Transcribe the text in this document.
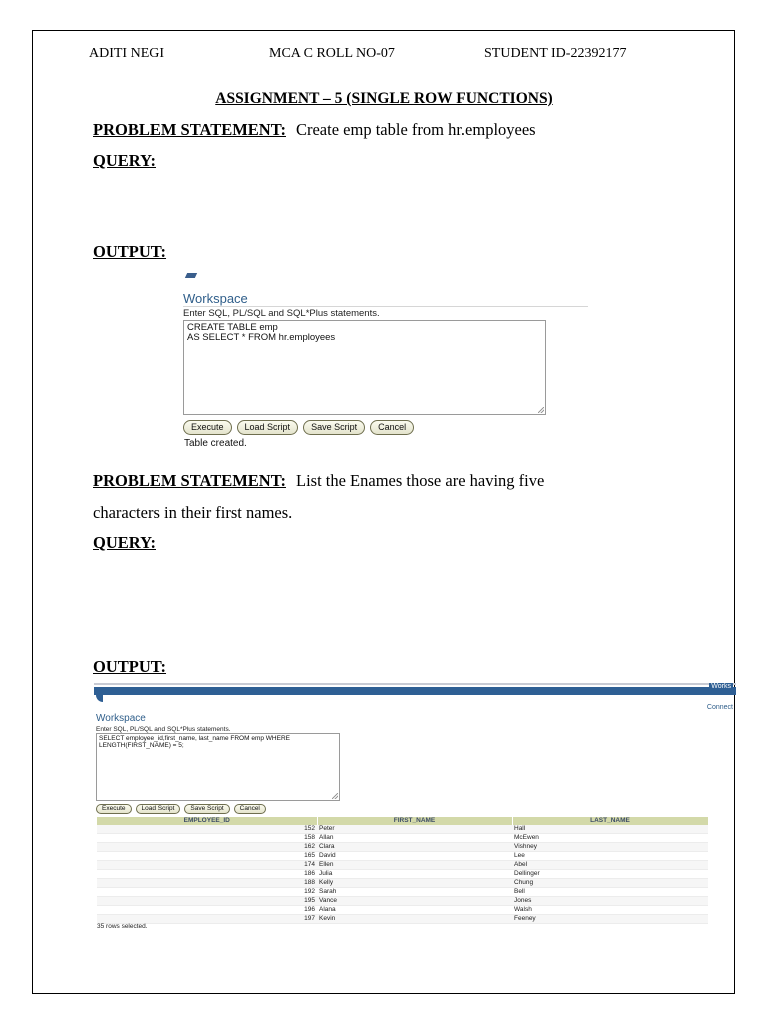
ADITI NEGI	MCA C ROLL NO-07	STUDENT ID-22392177
ASSIGNMENT – 5 (SINGLE ROW FUNCTIONS)
PROBLEM STATEMENT: Create emp table from hr.employees
QUERY:
OUTPUT:
Workspace
Enter SQL, PL/SQL and SQL*Plus statements.
CREATE TABLE emp
AS SELECT * FROM hr.employees
Execute	Load Script	Save Script	Cancel
Table created.
PROBLEM STATEMENT: List the Enames those are having five
characters in their first names.
QUERY:
OUTPUT:
Works
Connect
Workspace
Enter SQL, PL/SQL and SQL*Plus statements.
SELECT employee_id,first_name, last_name FROM emp WHERE LENGTH(FIRST_NAME) = 5;
Execute	Load Script	Save Script	Cancel
EMPLOYEE_ID	FIRST_NAME	LAST_NAME
152	Peter	Hall
158	Allan	McEwen
162	Clara	Vishney
165	David	Lee
174	Ellen	Abel
186	Julia	Dellinger
188	Kelly	Chung
192	Sarah	Bell
195	Vance	Jones
196	Alana	Walsh
197	Kevin	Feeney
35 rows selected.
